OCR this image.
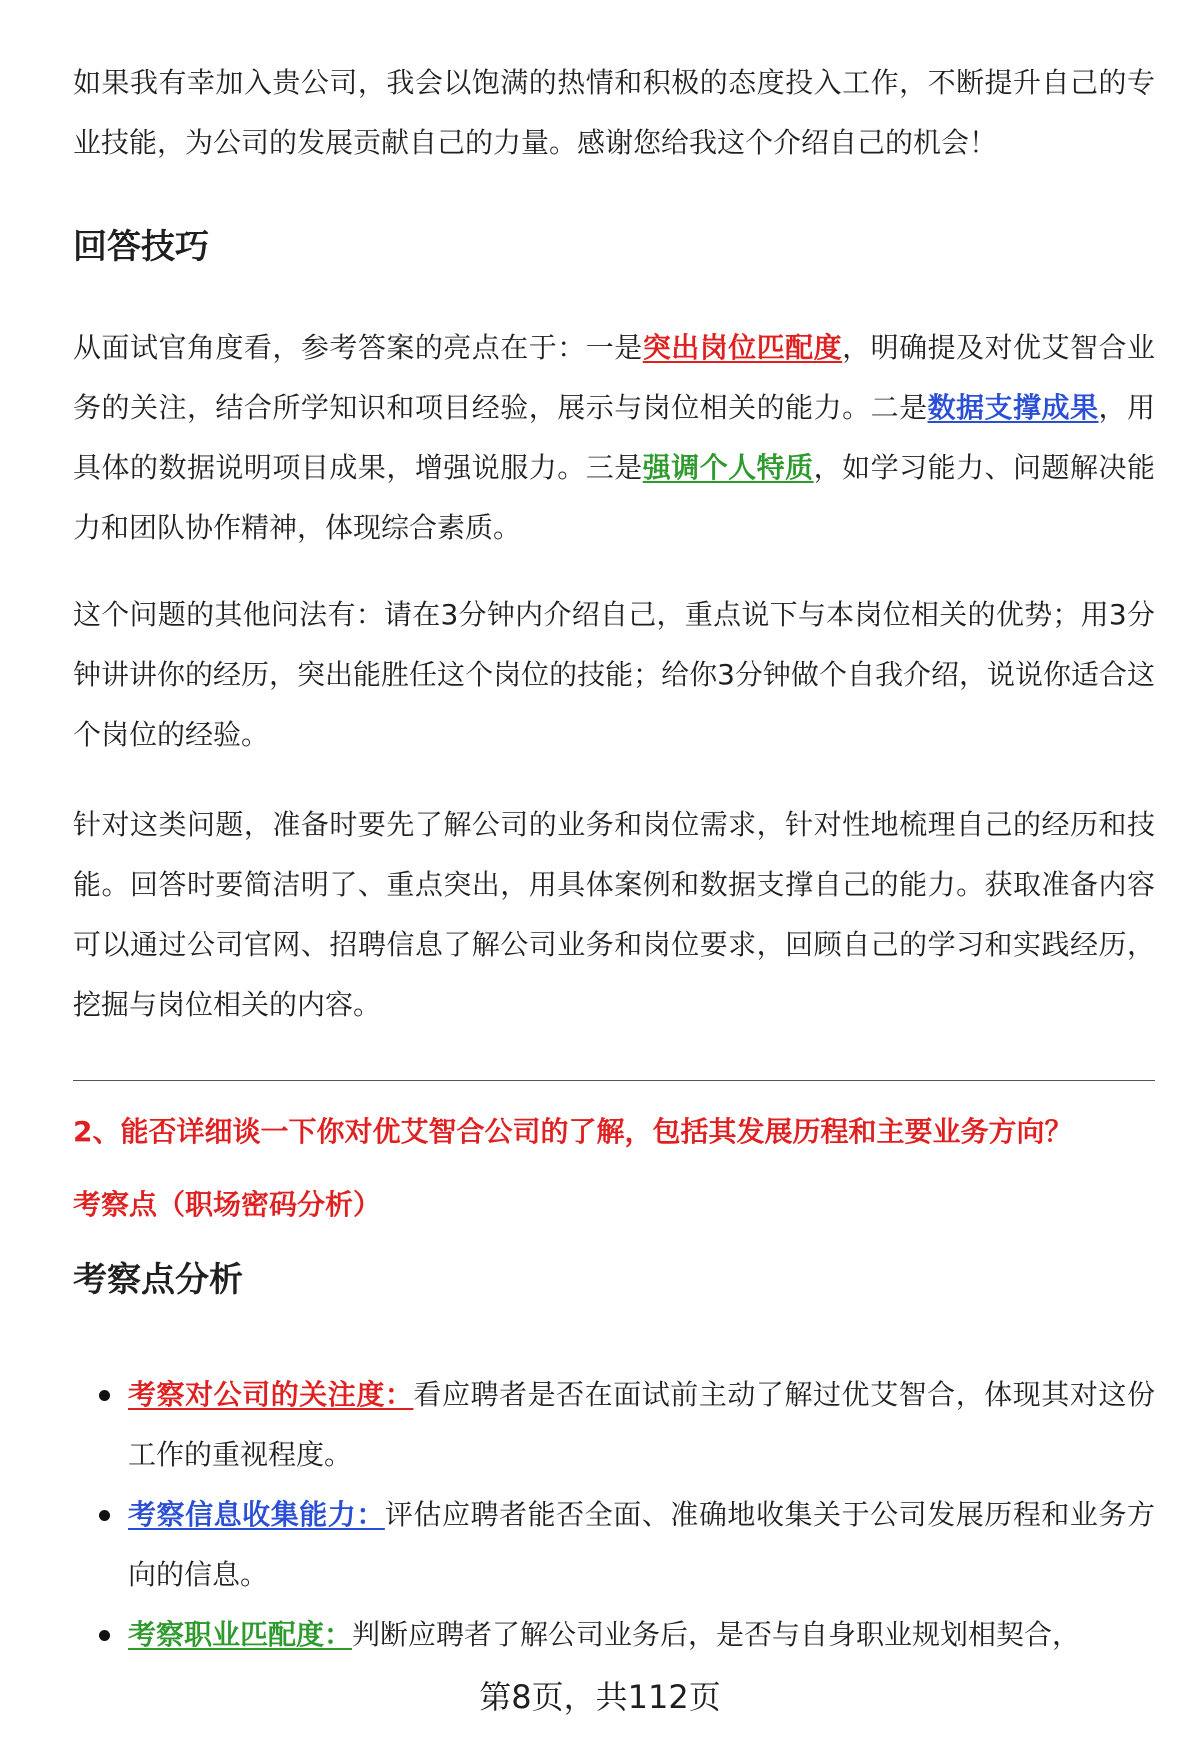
如果我有幸加入贵公司，我会以饱满的热情和积极的态度投入工作，不断提升自己的专业技能，为公司的发展贡献自己的力量。感谢您给我这个介绍自己的机会！

回答技巧

从面试官角度看，参考答案的亮点在于：一是突出岗位匹配度，明确提及对优艾智合业务的关注，结合所学知识和项目经验，展示与岗位相关的能力。二是数据支撑成果，用具体的数据说明项目成果，增强说服力。三是强调个人特质，如学习能力、问题解决能力和团队协作精神，体现综合素质。

这个问题的其他问法有：请在3分钟内介绍自己，重点说下与本岗位相关的优势；用3分钟讲讲你的经历，突出能胜任这个岗位的技能；给你3分钟做个自我介绍，说说你适合这个岗位的经验。

针对这类问题，准备时要先了解公司的业务和岗位需求，针对性地梳理自己的经历和技能。回答时要简洁明了、重点突出，用具体案例和数据支撑自己的能力。获取准备内容可以通过公司官网、招聘信息了解公司业务和岗位要求，回顾自己的学习和实践经历，挖掘与岗位相关的内容。

2、能否详细谈一下你对优艾智合公司的了解，包括其发展历程和主要业务方向？
考察点（职场密码分析）
考察点分析
考察对公司的关注度：看应聘者是否在面试前主动了解过优艾智合，体现其对这份工作的重视程度。
考察信息收集能力：评估应聘者能否全面、准确地收集关于公司发展历程和业务方向的信息。
考察职业匹配度：判断应聘者了解公司业务后，是否与自身职业规划相契合，
第8页，共112页
